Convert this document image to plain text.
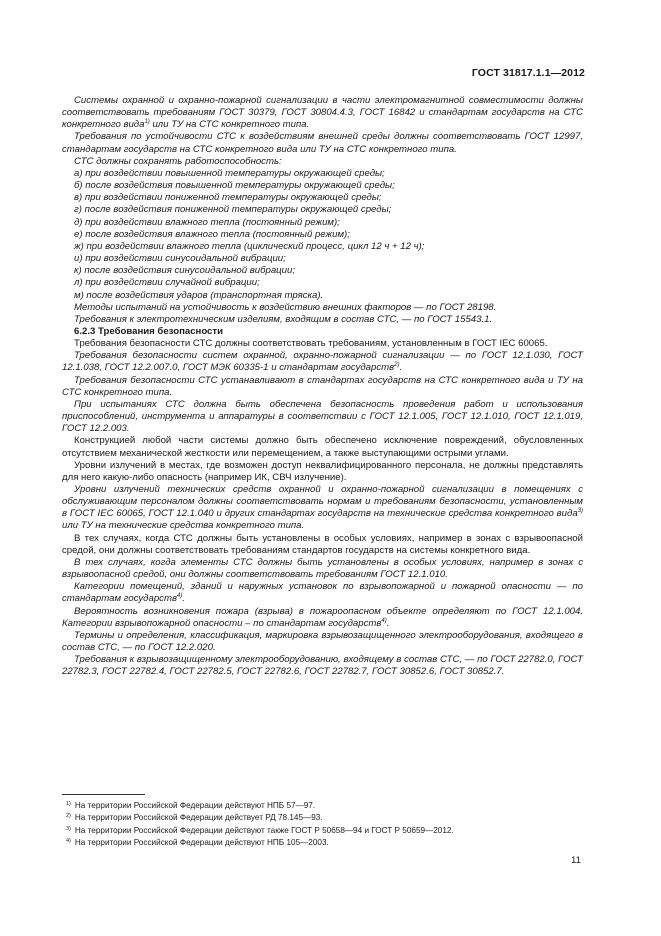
ГОСТ 31817.1.1—2012

Системы охранной и охранно-пожарной сигнализации в части электромагнитной совместимости должны соответствовать требованиям ГОСТ 30379, ГОСТ 30804.4.3, ГОСТ 16842 и стандартам государств на СТС конкретного вида$^{1)}$ или ТУ на СТС конкретного типа.

Требования по устойчивости СТС к воздействиям внешней среды должны соответствовать ГОСТ 12997, стандартам государств на СТС конкретного вида или ТУ на СТС конкретного типа.

СТС должны сохранять работоспособность:

а) при воздействии повышенной температуры окружающей среды;

б) после воздействия повышенной температуры окружающей среды;

в) при воздействии пониженной температуры окружающей среды;

г) после воздействия пониженной температуры окружающей среды;

д) при воздействии влажного тепла (постоянный режим);

е) после воздействия влажного тепла (постоянный режим);

ж) при воздействии влажного тепла (циклический процесс, цикл 12 ч + 12 ч);

и) при воздействии синусоидальной вибрации;

к) после воздействия синусоидальной вибрации;

л) при воздействии случайной вибрации;

м) после воздействия ударов (транспортная тряска).

Методы испытаний на устойчивость к воздействию внешних факторов — по ГОСТ 28198.

Требования к электротехническим изделиям, входящим в состав СТС, — по ГОСТ 15543.1.

6.2.3 Требования безопасности

Требования безопасности СТС должны соответствовать требованиям, установленным в ГОСТ IEC 60065.

Требования безопасности систем охранной, охранно-пожарной сигнализации — по ГОСТ 12.1.030, ГОСТ 12.1.038, ГОСТ 12.2.007.0, ГОСТ МЭК 60335-1 и стандартам государств$^{2)}$.

Требования безопасности СТС устанавливают в стандартах государств на СТС конкретного вида и ТУ на СТС конкретного типа.

При испытаниях СТС должна быть обеспечена безопасность проведения работ и использования приспособлений, инструмента и аппаратуры в соответствии с ГОСТ 12.1.005, ГОСТ 12.1.010, ГОСТ 12.1.019, ГОСТ 12.2.003.

Конструкцией любой части системы должно быть обеспечено исключение повреждений, обусловленных отсутствием механической жесткости или перемещением, а также выступающими острыми углами.

Уровни излучений в местах, где возможен доступ неквалифицированного персонала, не должны представлять для него какую-либо опасность (например ИК, СВЧ излучение).

Уровни излучений технических средств охранной и охранно-пожарной сигнализации в помещениях с обслуживающим персоналом должны соответствовать нормам и требованиям безопасности, установленным в ГОСТ IEC 60065, ГОСТ 12.1.040 и других стандартах государств на технические средства конкретного вида$^{3)}$ или ТУ на технические средства конкретного типа.

В тех случаях, когда СТС должны быть установлены в особых условиях, например в зонах с взрывоопасной средой, они должны соответствовать требованиям стандартов государств на системы конкретного вида.

В тех случаях, когда элементы СТС должны быть установлены в особых условиях, например в зонах с взрывоопасной средой, они должны соответствовать требованиям ГОСТ 12.1.010.

Категории помещений, зданий и наружных установок по взрывопожарной и пожарной опасности — по стандартам государств$^{4)}$.

Вероятность возникновения пожара (взрыва) в пожароопасном объекте определяют по ГОСТ 12.1.004. Категории взрывопожарной опасности – по стандартам государств$^{4)}$.

Термины и определения, классификация, маркировка взрывозащищенного электрооборудования, входящего в состав СТС, — по ГОСТ 12.2.020.

Требования к взрывозащищенному электрооборудованию, входящему в состав СТС, — по ГОСТ 22782.0, ГОСТ 22782.3, ГОСТ 22782.4, ГОСТ 22782.5, ГОСТ 22782.6, ГОСТ 22782.7, ГОСТ 30852.6, ГОСТ 30852.7.

$^{1)}$ На территории Российской Федерации действуют НПБ 57—97.

$^{2)}$ На территории Российской Федерации действует РД 78.145—93.

$^{3)}$ На территории Российской Федерации действуют также ГОСТ Р 50658—94 и ГОСТ Р 50659—2012.

$^{4)}$ На территории Российской Федерации действуют НПБ 105—2003.

11
